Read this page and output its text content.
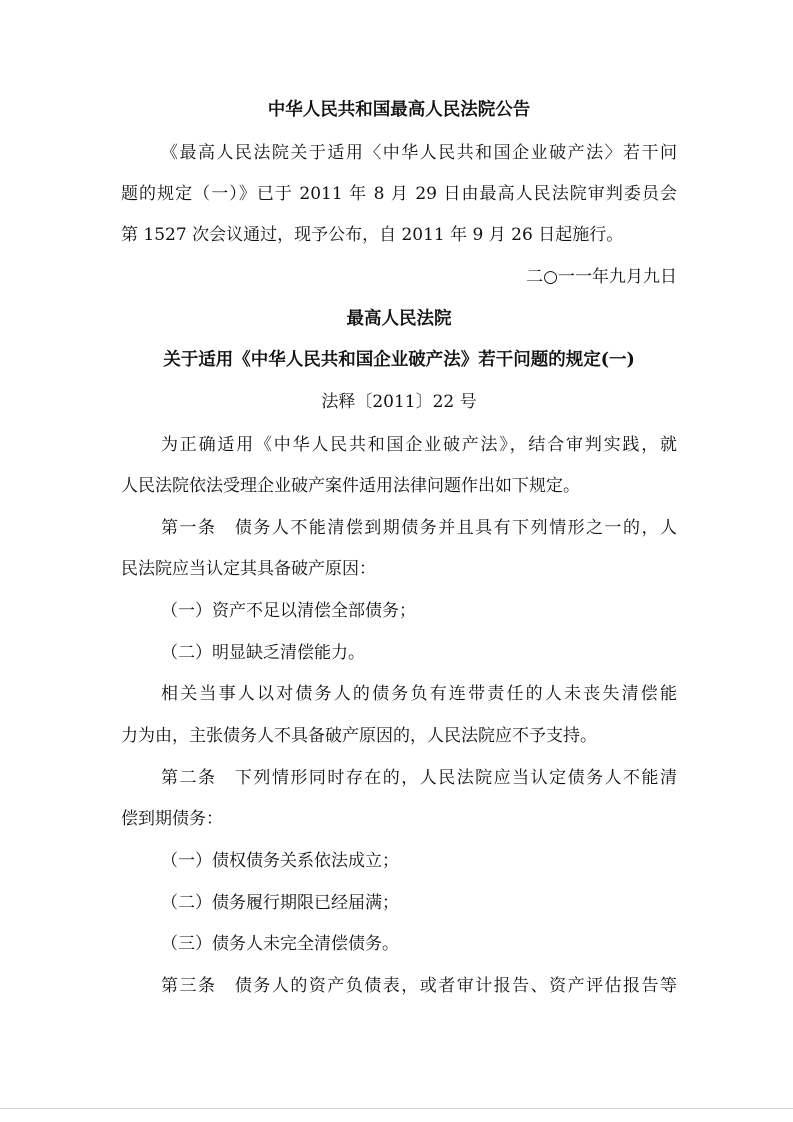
中华人民共和国最高人民法院公告
《最高人民法院关于适用〈中华人民共和国企业破产法〉若干问
题的规定（一）》已于 2011 年 8 月 29 日由最高人民法院审判委员会
第 1527 次会议通过，现予公布，自 2011 年 9 月 26 日起施行。
二○一一年九月九日
最高人民法院
关于适用《中华人民共和国企业破产法》若干问题的规定(一)
法释〔2011〕22 号
为正确适用《中华人民共和国企业破产法》，结合审判实践，就
人民法院依法受理企业破产案件适用法律问题作出如下规定。
第一条　债务人不能清偿到期债务并且具有下列情形之一的，人
民法院应当认定其具备破产原因：
（一）资产不足以清偿全部债务；
（二）明显缺乏清偿能力。
相关当事人以对债务人的债务负有连带责任的人未丧失清偿能
力为由，主张债务人不具备破产原因的，人民法院应不予支持。
第二条　下列情形同时存在的，人民法院应当认定债务人不能清
偿到期债务：
（一）债权债务关系依法成立；
（二）债务履行期限已经届满；
（三）债务人未完全清偿债务。
第三条　债务人的资产负债表，或者审计报告、资产评估报告等
